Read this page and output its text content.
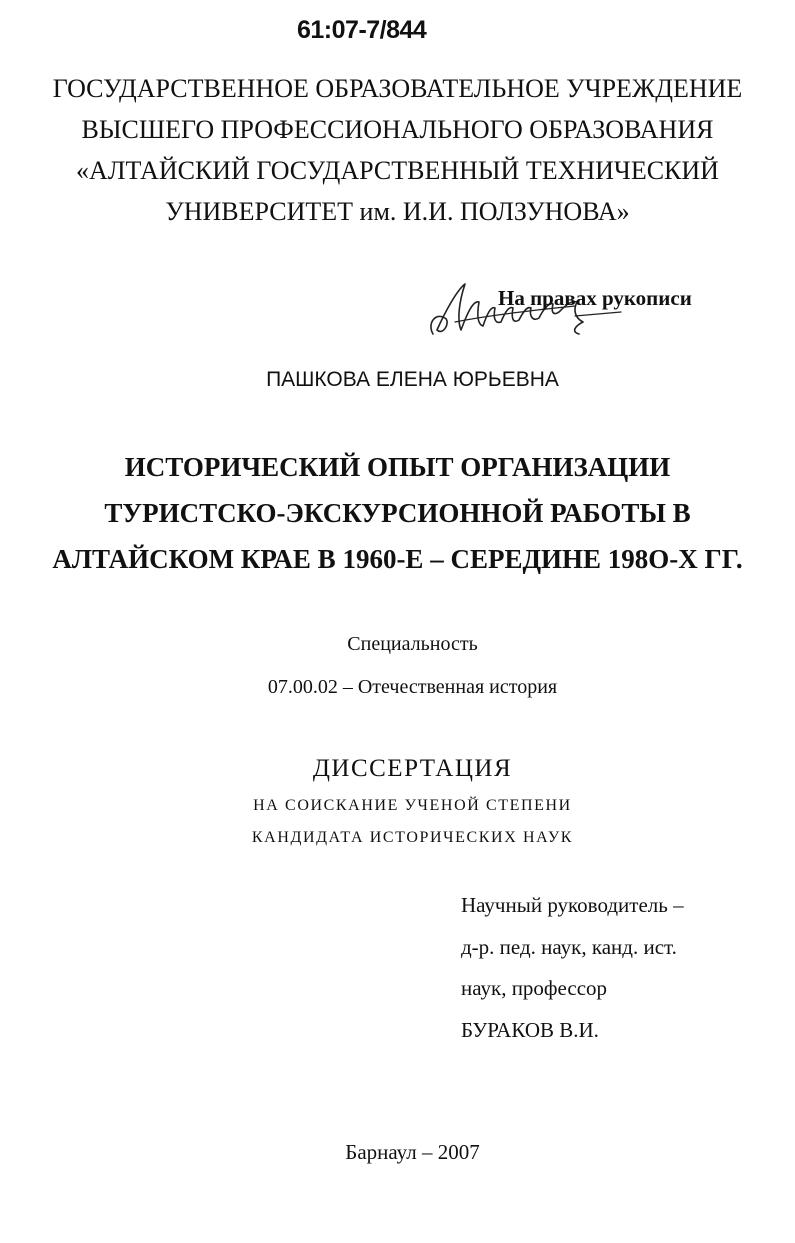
61:07-7/844
ГОСУДАРСТВЕННОЕ ОБРАЗОВАТЕЛЬНОЕ УЧРЕЖДЕНИЕ
ВЫСШЕГО ПРОФЕССИОНАЛЬНОГО ОБРАЗОВАНИЯ
«АЛТАЙСКИЙ ГОСУДАРСТВЕННЫЙ ТЕХНИЧЕСКИЙ
УНИВЕРСИТЕТ им. И.И. ПОЛЗУНОВА»
На правах рукописи
ПАШКОВА ЕЛЕНА ЮРЬЕВНА
ИСТОРИЧЕСКИЙ ОПЫТ ОРГАНИЗАЦИИ
ТУРИСТСКО-ЭКСКУРСИОННОЙ РАБОТЫ В
АЛТАЙСКОМ КРАЕ В 1960-Е – СЕРЕДИНЕ 198О-Х ГГ.
Специальность
07.00.02 – Отечественная история
ДИССЕРТАЦИЯ
НА СОИСКАНИЕ УЧЕНОЙ СТЕПЕНИ
КАНДИДАТА ИСТОРИЧЕСКИХ НАУК
Научный руководитель –
д-р. пед. наук, канд. ист.
наук, профессор
БУРАКОВ В.И.
Барнаул – 2007
